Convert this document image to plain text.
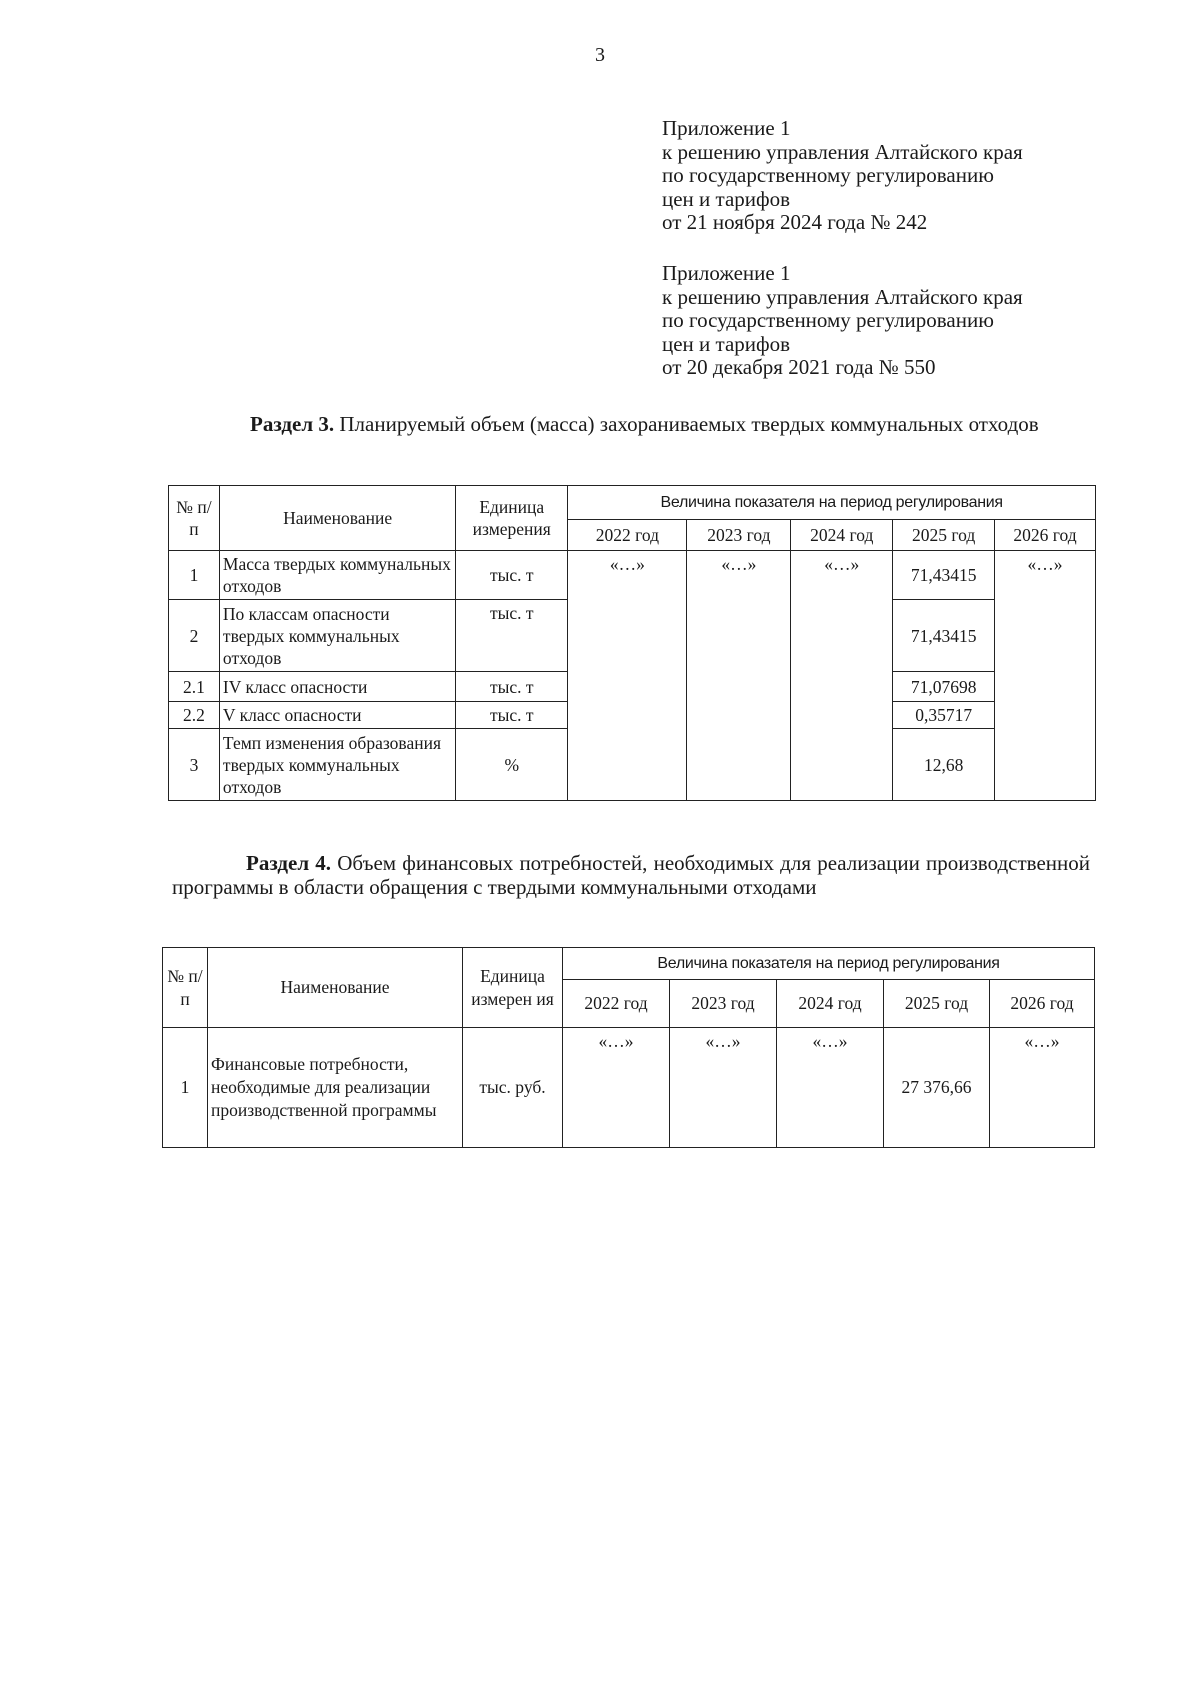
3
Приложение 1
к решению управления Алтайского края
по государственному регулированию
цен и тарифов
от 21 ноября 2024 года № 242
Приложение 1
к решению управления Алтайского края
по государственному регулированию
цен и тарифов
от 20 декабря 2021 года № 550
Раздел 3. Планируемый объем (масса) захораниваемых твердых коммунальных отходов
№ п/п	Наименование	Единица измерения	Величина показателя на период регулирования				
			2022 год	2023 год	2024 год	2025 год	2026 год
1	Масса твердых коммунальных отходов	тыс. т	«…»	«…»	«…»	71,43415	«…»
2	По классам опасности твердых коммунальных отходов	тыс. т				71,43415	
2.1	IV класс опасности	тыс. т				71,07698	
2.2	V класс опасности	тыс. т				0,35717	
3	Темп изменения образования твердых коммунальных отходов	%				12,68	
Раздел 4. Объем финансовых потребностей, необходимых для реализации производственной программы в области обращения с твердыми коммунальными отходами
№ п/ п	Наименование	Единица измерен ия	Величина показателя на период регулирования				
			2022 год	2023 год	2024 год	2025 год	2026 год
1	Финансовые потребности, необходимые для реализации производственной программы	тыс. руб.	«…»	«…»	«…»	27 376,66	«…»
